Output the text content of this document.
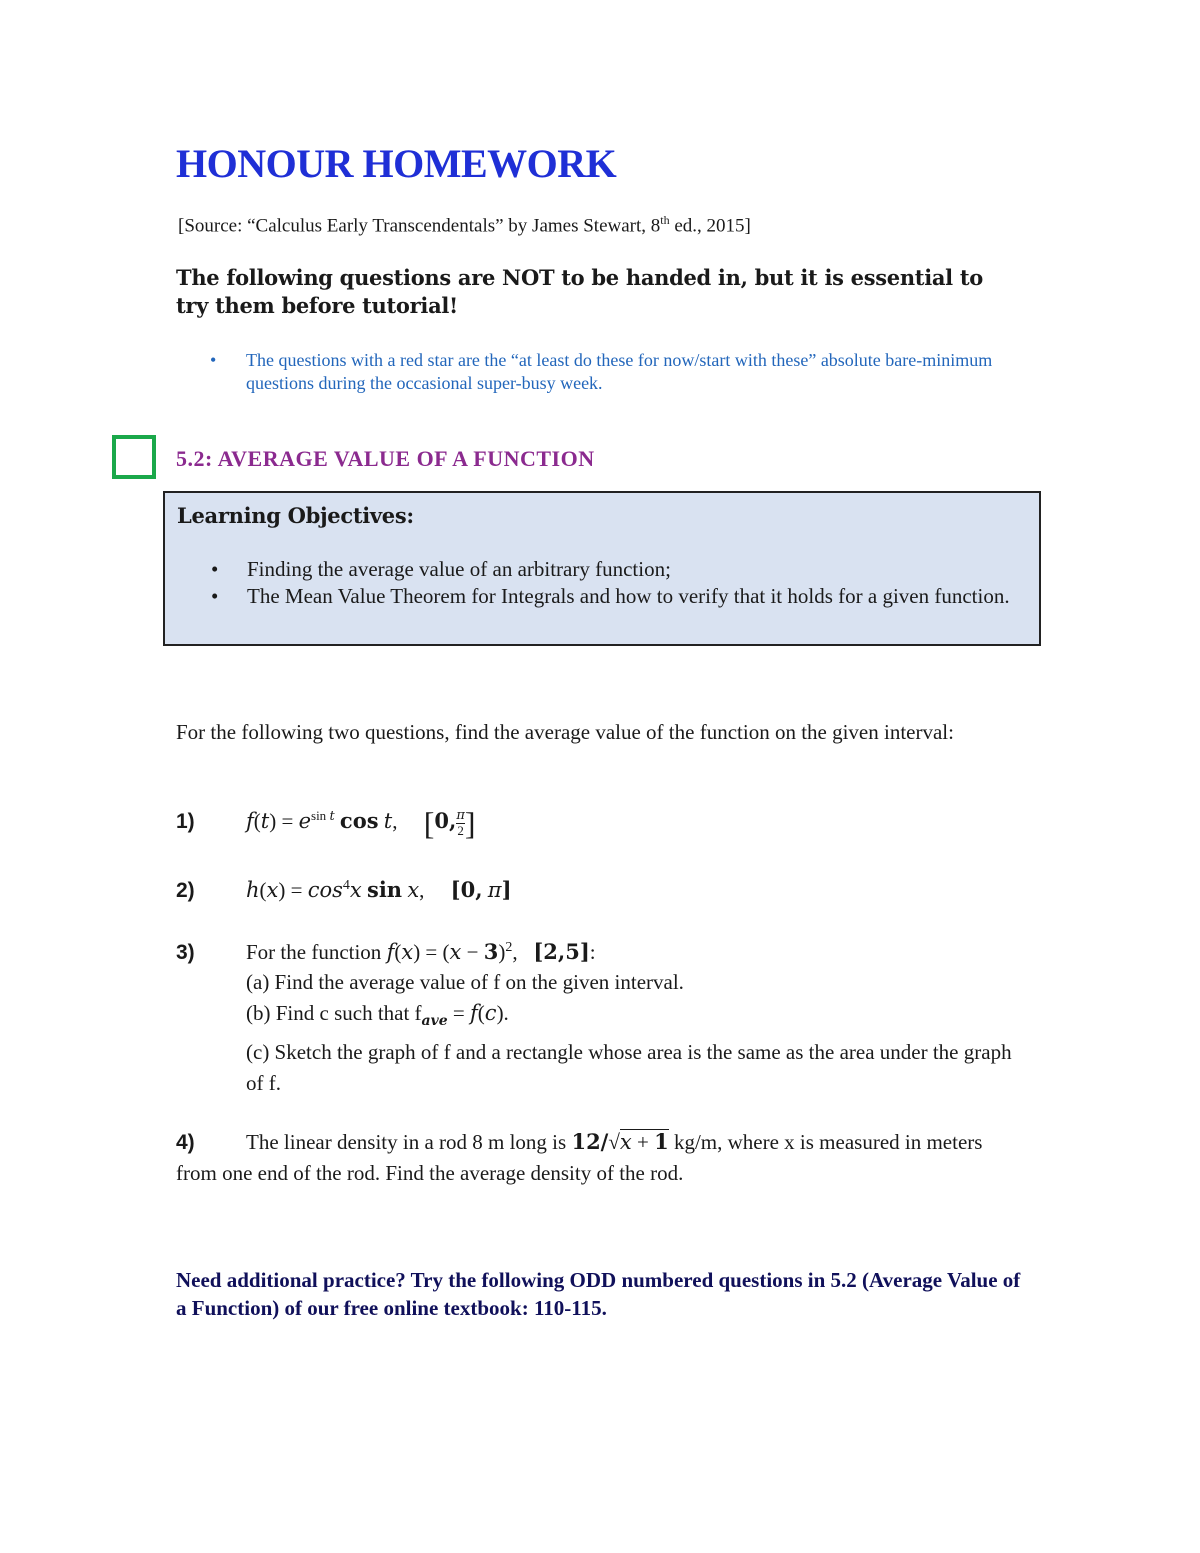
HONOUR HOMEWORK
[Source: “Calculus Early Transcendentals” by James Stewart, 8th ed., 2015]
The following questions are NOT to be handed in, but it is essential to try them before tutorial!
• The questions with a red star are the “at least do these for now/start with these” absolute bare-minimum questions during the occasional super-busy week.
5.2: AVERAGE VALUE OF A FUNCTION
Learning Objectives:
• Finding the average value of an arbitrary function;
• The Mean Value Theorem for Integrals and how to verify that it holds for a given function.
For the following two questions, find the average value of the function on the given interval:
1) $f(t) = e^{sin t}$ cos t,     [0, $\frac{\pi}{2}$ ]
2) $h(x) = \cos^4x$ sin x,     [0, π]
3) For the function $f(x) = (x - 3)^2$,   [2,5]:
(a) Find the average value of f on the given interval.
(b) Find c such that $f_{ave} = f(c)$.
(c) Sketch the graph of f and a rectangle whose area is the same as the area under the graph of f.
4) The linear density in a rod 8 m long is 12/√x + 1 kg/m, where x is measured in meters from one end of the rod. Find the average density of the rod.
Need additional practice? Try the following ODD numbered questions in 5.2 (Average Value of a Function) of our free online textbook: 110-115.
